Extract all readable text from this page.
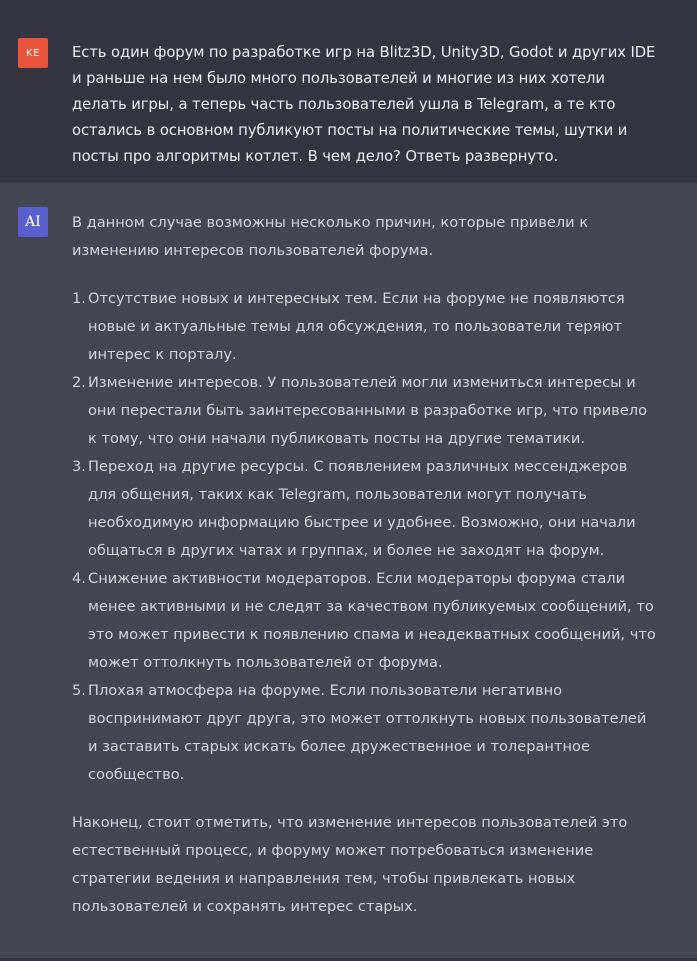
KE Есть один форум по разработке игр на Blitz3D, Unity3D, Godot и других IDE и раньше на нем было много пользователей и многие из них хотели делать игры, а теперь часть пользователей ушла в Telegram, а те кто остались в основном публикуют посты на политические темы, шутки и посты про алгоритмы котлет. В чем дело? Ответь развернуто.

AI В данном случае возможны несколько причин, которые привели к изменению интересов пользователей форума.

1. Отсутствие новых и интересных тем. Если на форуме не появляются новые и актуальные темы для обсуждения, то пользователи теряют интерес к порталу.
2. Изменение интересов. У пользователей могли измениться интересы и они перестали быть заинтересованными в разработке игр, что привело к тому, что они начали публиковать посты на другие тематики.
3. Переход на другие ресурсы. С появлением различных мессенджеров для общения, таких как Telegram, пользователи могут получать необходимую информацию быстрее и удобнее. Возможно, они начали общаться в других чатах и группах, и более не заходят на форум.
4. Снижение активности модераторов. Если модераторы форума стали менее активными и не следят за качеством публикуемых сообщений, то это может привести к появлению спама и неадекватных сообщений, что может оттолкнуть пользователей от форума.
5. Плохая атмосфера на форуме. Если пользователи негативно воспринимают друг друга, это может оттолкнуть новых пользователей и заставить старых искать более дружественное и толерантное сообщество.

Наконец, стоит отметить, что изменение интересов пользователей это естественный процесс, и форуму может потребоваться изменение стратегии ведения и направления тем, чтобы привлекать новых пользователей и сохранять интерес старых.
